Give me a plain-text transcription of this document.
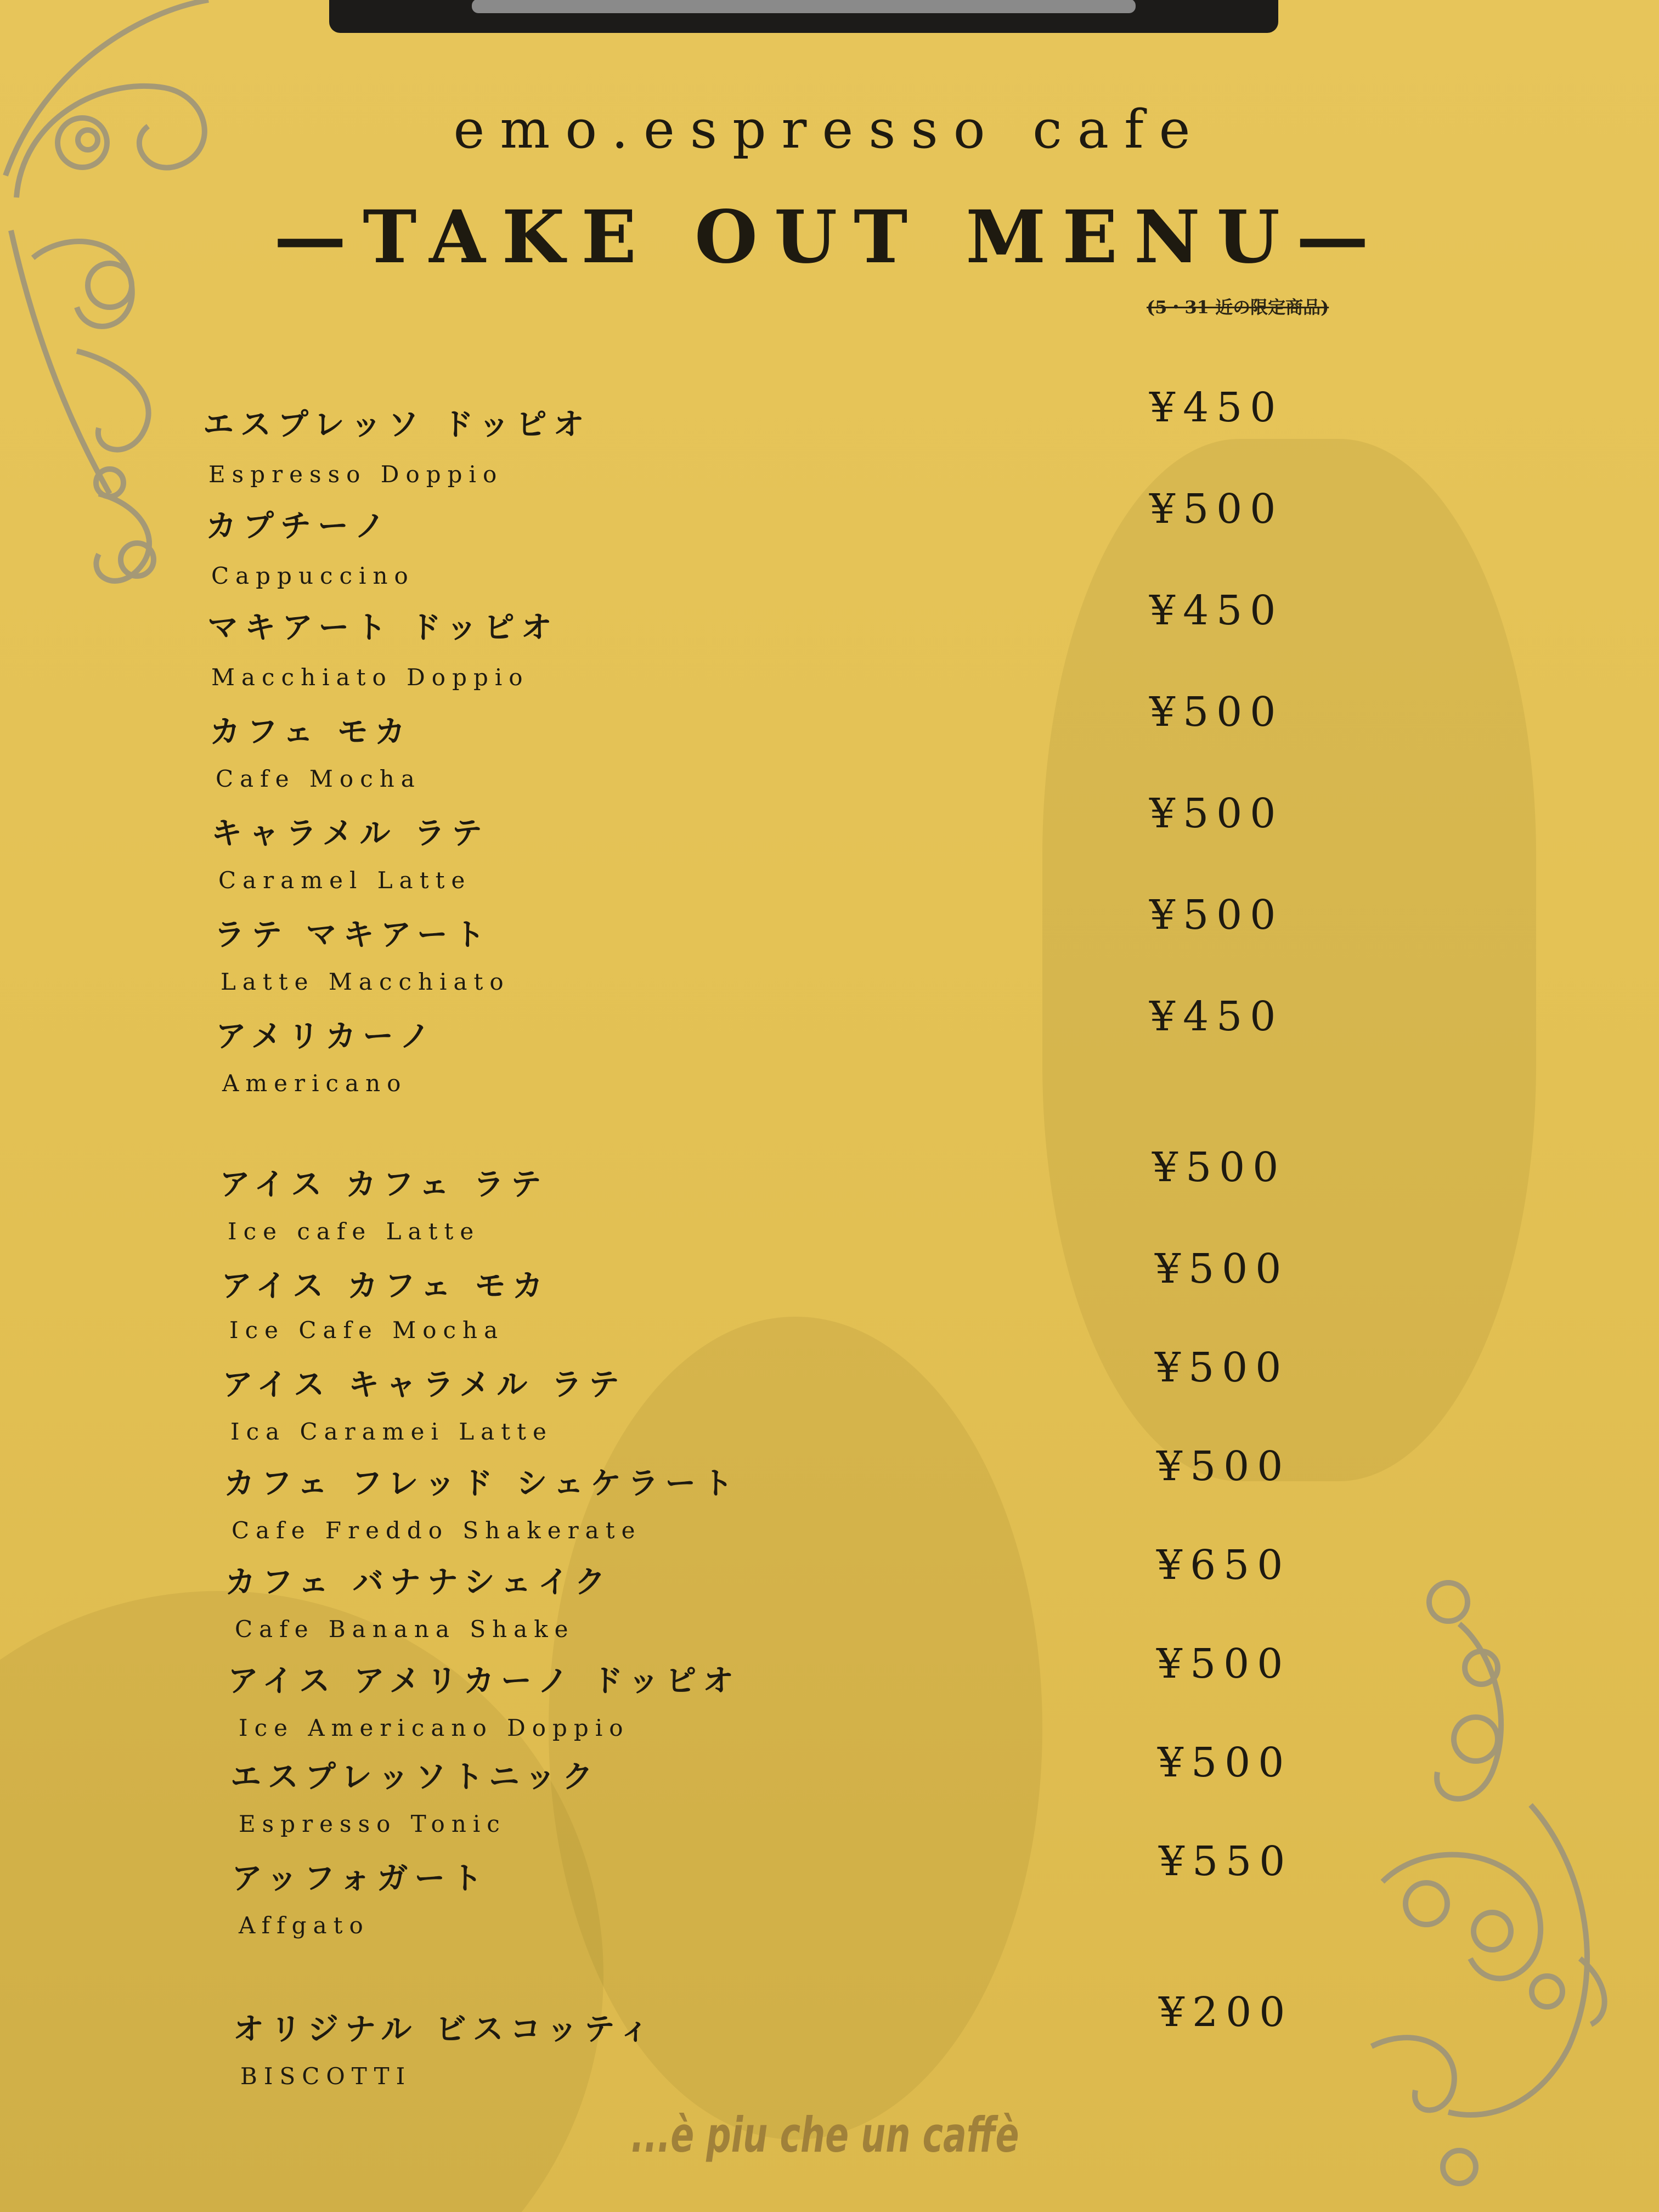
emo.espresso cafe
—TAKE OUT MENU—
(5・31 近の限定商品)
エスプレッソ ドッピオ
Espresso Doppio
¥450
カプチーノ
Cappuccino
¥500
マキアート ドッピオ
Macchiato Doppio
¥450
カフェ モカ
Cafe Mocha
¥500
キャラメル ラテ
Caramel Latte
¥500
ラテ マキアート
Latte Macchiato
¥500
アメリカーノ
Americano
¥450
アイス カフェ ラテ
Ice cafe Latte
¥500
アイス カフェ モカ
Ice Cafe Mocha
¥500
アイス キャラメル ラテ
Ica Caramei Latte
¥500
カフェ フレッド シェケラート
Cafe Freddo Shakerate
¥500
カフェ バナナシェイク
Cafe Banana Shake
¥650
アイス アメリカーノ ドッピオ
Ice Americano Doppio
¥500
エスプレッソトニック
Espresso Tonic
¥500
アッフォガート
Affgato
¥550
オリジナル ビスコッティ
BISCOTTI
¥200
...è piu che un caffè
